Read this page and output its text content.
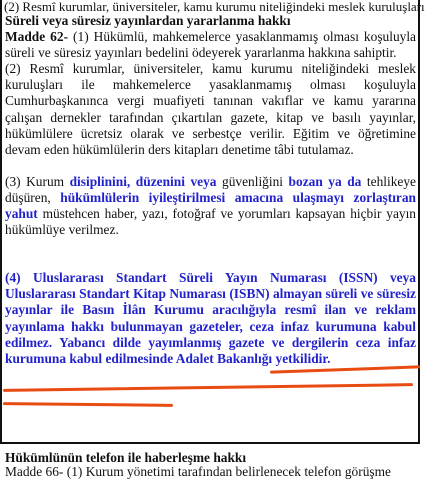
(2) Resmî kurumlar, üniversiteler, kamu kurumu niteliğindeki meslek kuruluşları

Süreli veya süresiz yayınlardan yararlanma hakkı

Madde 62- (1) Hükümlü, mahkemelerce yasaklanmamış olması koşuluyla süreli ve süresiz yayınları bedelini ödeyerek yararlanma hakkına sahiptir.

(2) Resmî kurumlar, üniversiteler, kamu kurumu niteliğindeki meslek kuruluşları ile mahkemelerce yasaklanmamış olması koşuluyla Cumhurbaşkanınca vergi muafiyeti tanınan vakıflar ve kamu yararına çalışan dernekler tarafından çıkartılan gazete, kitap ve basılı yayınlar, hükümlülere ücretsiz olarak ve serbestçe verilir. Eğitim ve öğretimine devam eden hükümlülerin ders kitapları denetime tâbi tutulamaz.

(3) Kurum disiplinini, düzenini veya güvenliğini bozan ya da tehlikeye düşüren, hükümlülerin iyileştirilmesi amacına ulaşmayı zorlaştıran yahut müstehcen haber, yazı, fotoğraf ve yorumları kapsayan hiçbir yayın hükümlüye verilmez.

(4) Uluslararası Standart Süreli Yayın Numarası (ISSN) veya Uluslararası Standart Kitap Numarası (ISBN) almayan süreli ve süresiz yayınlar ile Basın İlân Kurumu aracılığıyla resmî ilan ve reklam yayınlama hakkı bulunmayan gazeteler, ceza infaz kurumuna kabul edilmez. Yabancı dilde yayımlanmış gazete ve dergilerin ceza infaz kurumuna kabul edilmesinde Adalet Bakanlığı yetkilidir.

Hükümlünün telefon ile haberleşme hakkı

Madde 66- (1) Kurum yönetimi tarafından belirlenecek telefon görüşme
